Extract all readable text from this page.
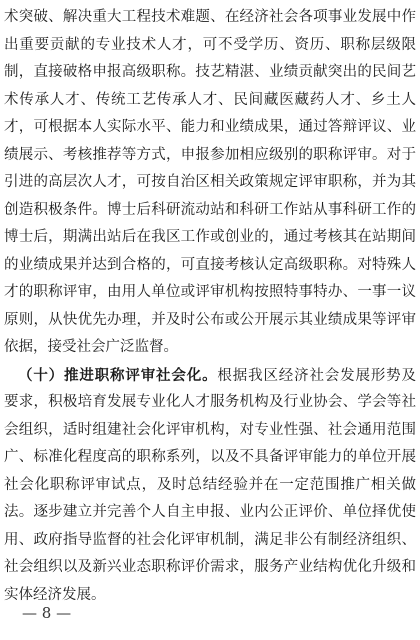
术突破、解决重大工程技术难题、在经济社会各项事业发展中作
出重要贡献的专业技术人才，可不受学历、资历、职称层级限
制，直接破格申报高级职称。技艺精湛、业绩贡献突出的民间艺
术传承人才、传统工艺传承人才、民间藏医藏药人才、乡土人
才，可根据本人实际水平、能力和业绩成果，通过答辩评议、业
绩展示、考核推荐等方式，申报参加相应级别的职称评审。对于
引进的高层次人才，可按自治区相关政策规定评审职称，并为其
创造积极条件。博士后科研流动站和科研工作站从事科研工作的
博士后，期满出站后在我区工作或创业的，通过考核其在站期间
的业绩成果并达到合格的，可直接考核认定高级职称。对特殊人
才的职称评审，由用人单位或评审机构按照特事特办、一事一议
原则，从快优先办理，并及时公布或公开展示其业绩成果等评审
依据，接受社会广泛监督。
（十）推进职称评审社会化。根据我区经济社会发展形势及
要求，积极培育发展专业化人才服务机构及行业协会、学会等社
会组织，适时组建社会化评审机构，对专业性强、社会通用范围
广、标准化程度高的职称系列，以及不具备评审能力的单位开展
社会化职称评审试点，及时总结经验并在一定范围推广相关做
法。逐步建立并完善个人自主申报、业内公正评价、单位择优使
用、政府指导监督的社会化评审机制，满足非公有制经济组织、
社会组织以及新兴业态职称评价需求，服务产业结构优化升级和
实体经济发展。
— 8 —
